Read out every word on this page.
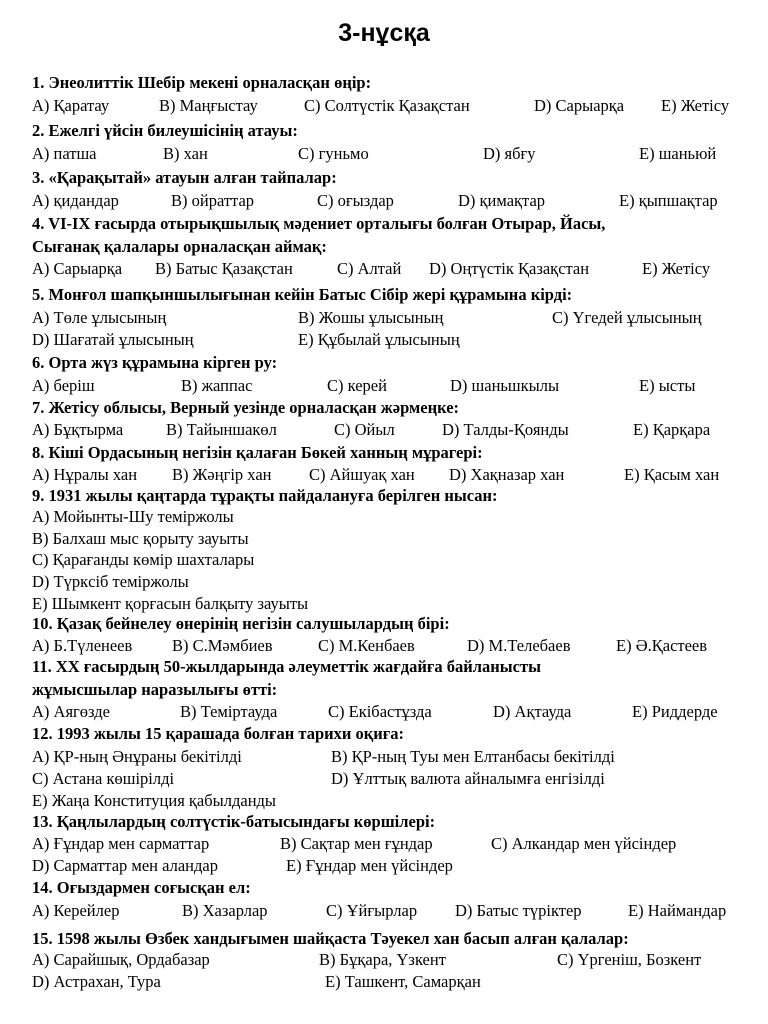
3-нұсқа
1. Энеолиттік Шебір мекені орналасқан өңір:
A) Қаратау	B) Маңғыстау	C) Солтүстік Қазақстан	D) Сарыарқа E) Жетісу
2. Ежелгі үйсін билеушісінің атауы:
A) патша	B) хан	C) гуньмо	D) ябғу	E) шаньюй
3. «Қарақытай» атауын алған тайпалар:
A) қидандар	B) ойраттар	C) оғыздар	D) қимақтар	E) қыпшақтар
4. VI-IX ғасырда отырықшылық мәдениет орталығы болған Отырар, Йасы,
Сығанақ қалалары орналасқан аймақ:
A) Сарыарқа B) Батыс Қазақстан	C) Алтай D) Оңтүстік Қазақстан	E) Жетісу
5. Монғол шапқыншылығынан кейін Батыс Сібір жері құрамына кірді:
A) Төле ұлысының	B) Жошы ұлысының	C) Үгедей ұлысының
D) Шағатай ұлысының	E) Құбылай ұлысының
6. Орта жүз құрамына кірген ру:
A) беріш	B) жаппас	C) керей	D) шаньшкылы	E) ысты
7. Жетісу облысы, Верный уезінде орналасқан жәрмеңке:
A) Бұқтырма	B) Тайыншакөл	C) Ойыл	D) Талды-Қоянды	E) Қарқара
8. Кіші Ордасының негізін қалаған Бөкей ханның мұрагері:
A) Нұралы хан B) Жәңгір хан C) Айшуақ хан D) Хақназар хан	E) Қасым хан
9. 1931 жылы қаңтарда тұрақты пайдалануға берілген нысан:
A) Мойынты-Шу теміржолы
B) Балхаш мыс қорыту зауыты
C) Қарағанды көмір шахталары
D) Түркcіб теміржолы
E) Шымкент қорғасын балқыту зауыты
10. Қазақ бейнелеу өнерінің негізін салушылардың бірі:
A) Б.Түленеев B) С.Мәмбиев	C) М.Кенбаев	D) М.Телебаев	E) Ә.Қастеев
11. XX ғасырдың 50-жылдарында әлеуметтік жағдайға байланысты
жұмысшылар наразылығы өтті:
A) Аягөзде	B) Теміртауда	C) Екібастұзда	D) Ақтауда	E) Риддерде
12. 1993 жылы 15 қарашада болған тарихи оқиға:
A) ҚР-ның Әнұраны бекітілді	B) ҚР-ның Туы мен Елтанбасы бекітілді
C) Астана көшірілді	D) Ұлттық валюта айналымға енгізілді
E) Жаңа Конституция қабылданды
13. Қаңлылардың солтүстік-батысындағы көршілері:
A) Ғұндар мен сарматтар	B) Сақтар мен ғұндар	C) Алкандар мен үйсіндер
D) Сарматтар мен аландар	E) Ғұндар мен үйсіндер
14. Оғыздармен соғысқан ел:
A) Керейлер	B) Хазарлар	C) Ұйғырлар D) Батыс түріктер	E) Наймандар
15. 1598 жылы Өзбек хандығымен шайқаста Тәуекел хан басып алған қалалар:
A) Сарайшық, Ордабазар	B) Бұқара, Үзкент	C) Үргеніш, Бозкент
D) Астрахан, Тура	E) Ташкент, Самарқан
